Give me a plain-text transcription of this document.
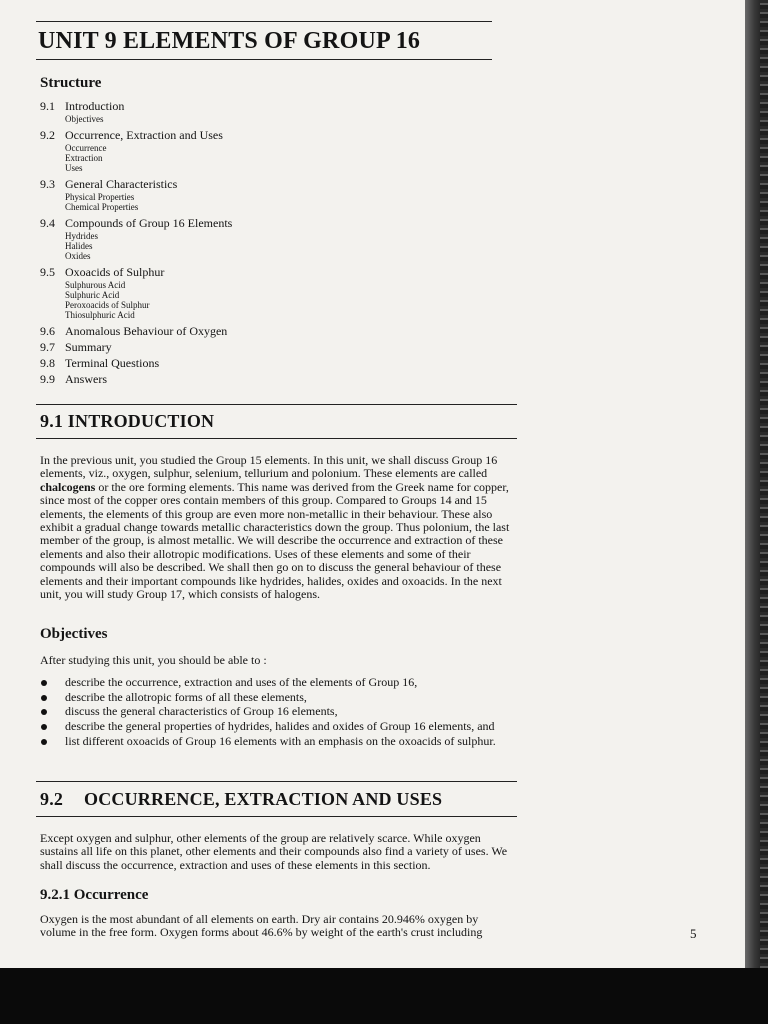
UNIT 9 ELEMENTS OF GROUP 16
Structure
9.1 Introduction
Objectives
9.2 Occurrence, Extraction and Uses
Occurrence
Extraction
Uses
9.3 General Characteristics
Physical Properties
Chemical Properties
9.4 Compounds of Group 16 Elements
Hydrides
Halides
Oxides
9.5 Oxoacids of Sulphur
Sulphurous Acid
Sulphuric Acid
Peroxoacids of Sulphur
Thiosulphuric Acid
9.6 Anomalous Behaviour of Oxygen
9.7 Summary
9.8 Terminal Questions
9.9 Answers
9.1 INTRODUCTION
In the previous unit, you studied the Group 15 elements. In this unit, we shall discuss Group 16 elements, viz., oxygen, sulphur, selenium, tellurium and polonium. These elements are called chalcogens or the ore forming elements. This name was derived from the Greek name for copper, since most of the copper ores contain members of this group. Compared to Groups 14 and 15 elements, the elements of this group are even more non-metallic in their behaviour. These also exhibit a gradual change towards metallic characteristics down the group. Thus polonium, the last member of the group, is almost metallic. We will describe the occurrence and extraction of these elements and also their allotropic modifications. Uses of these elements and some of their compounds will also be described. We shall then go on to discuss the general behaviour of these elements and their important compounds like hydrides, halides, oxides and oxoacids. In the next unit, you will study Group 17, which consists of halogens.
Objectives
After studying this unit, you should be able to :
describe the occurrence, extraction and uses of the elements of Group 16,
describe the allotropic forms of all these elements,
discuss the general characteristics of Group 16 elements,
describe the general properties of hydrides, halides and oxides of Group 16 elements, and
list different oxoacids of Group 16 elements with an emphasis on the oxoacids of sulphur.
9.2 OCCURRENCE, EXTRACTION AND USES
Except oxygen and sulphur, other elements of the group are relatively scarce. While oxygen sustains all life on this planet, other elements and their compounds also find a variety of uses. We shall discuss the occurrence, extraction and uses of these elements in this section.
9.2.1 Occurrence
Oxygen is the most abundant of all elements on earth. Dry air contains 20.946% oxygen by volume in the free form. Oxygen forms about 46.6% by weight of the earth's crust including	5
